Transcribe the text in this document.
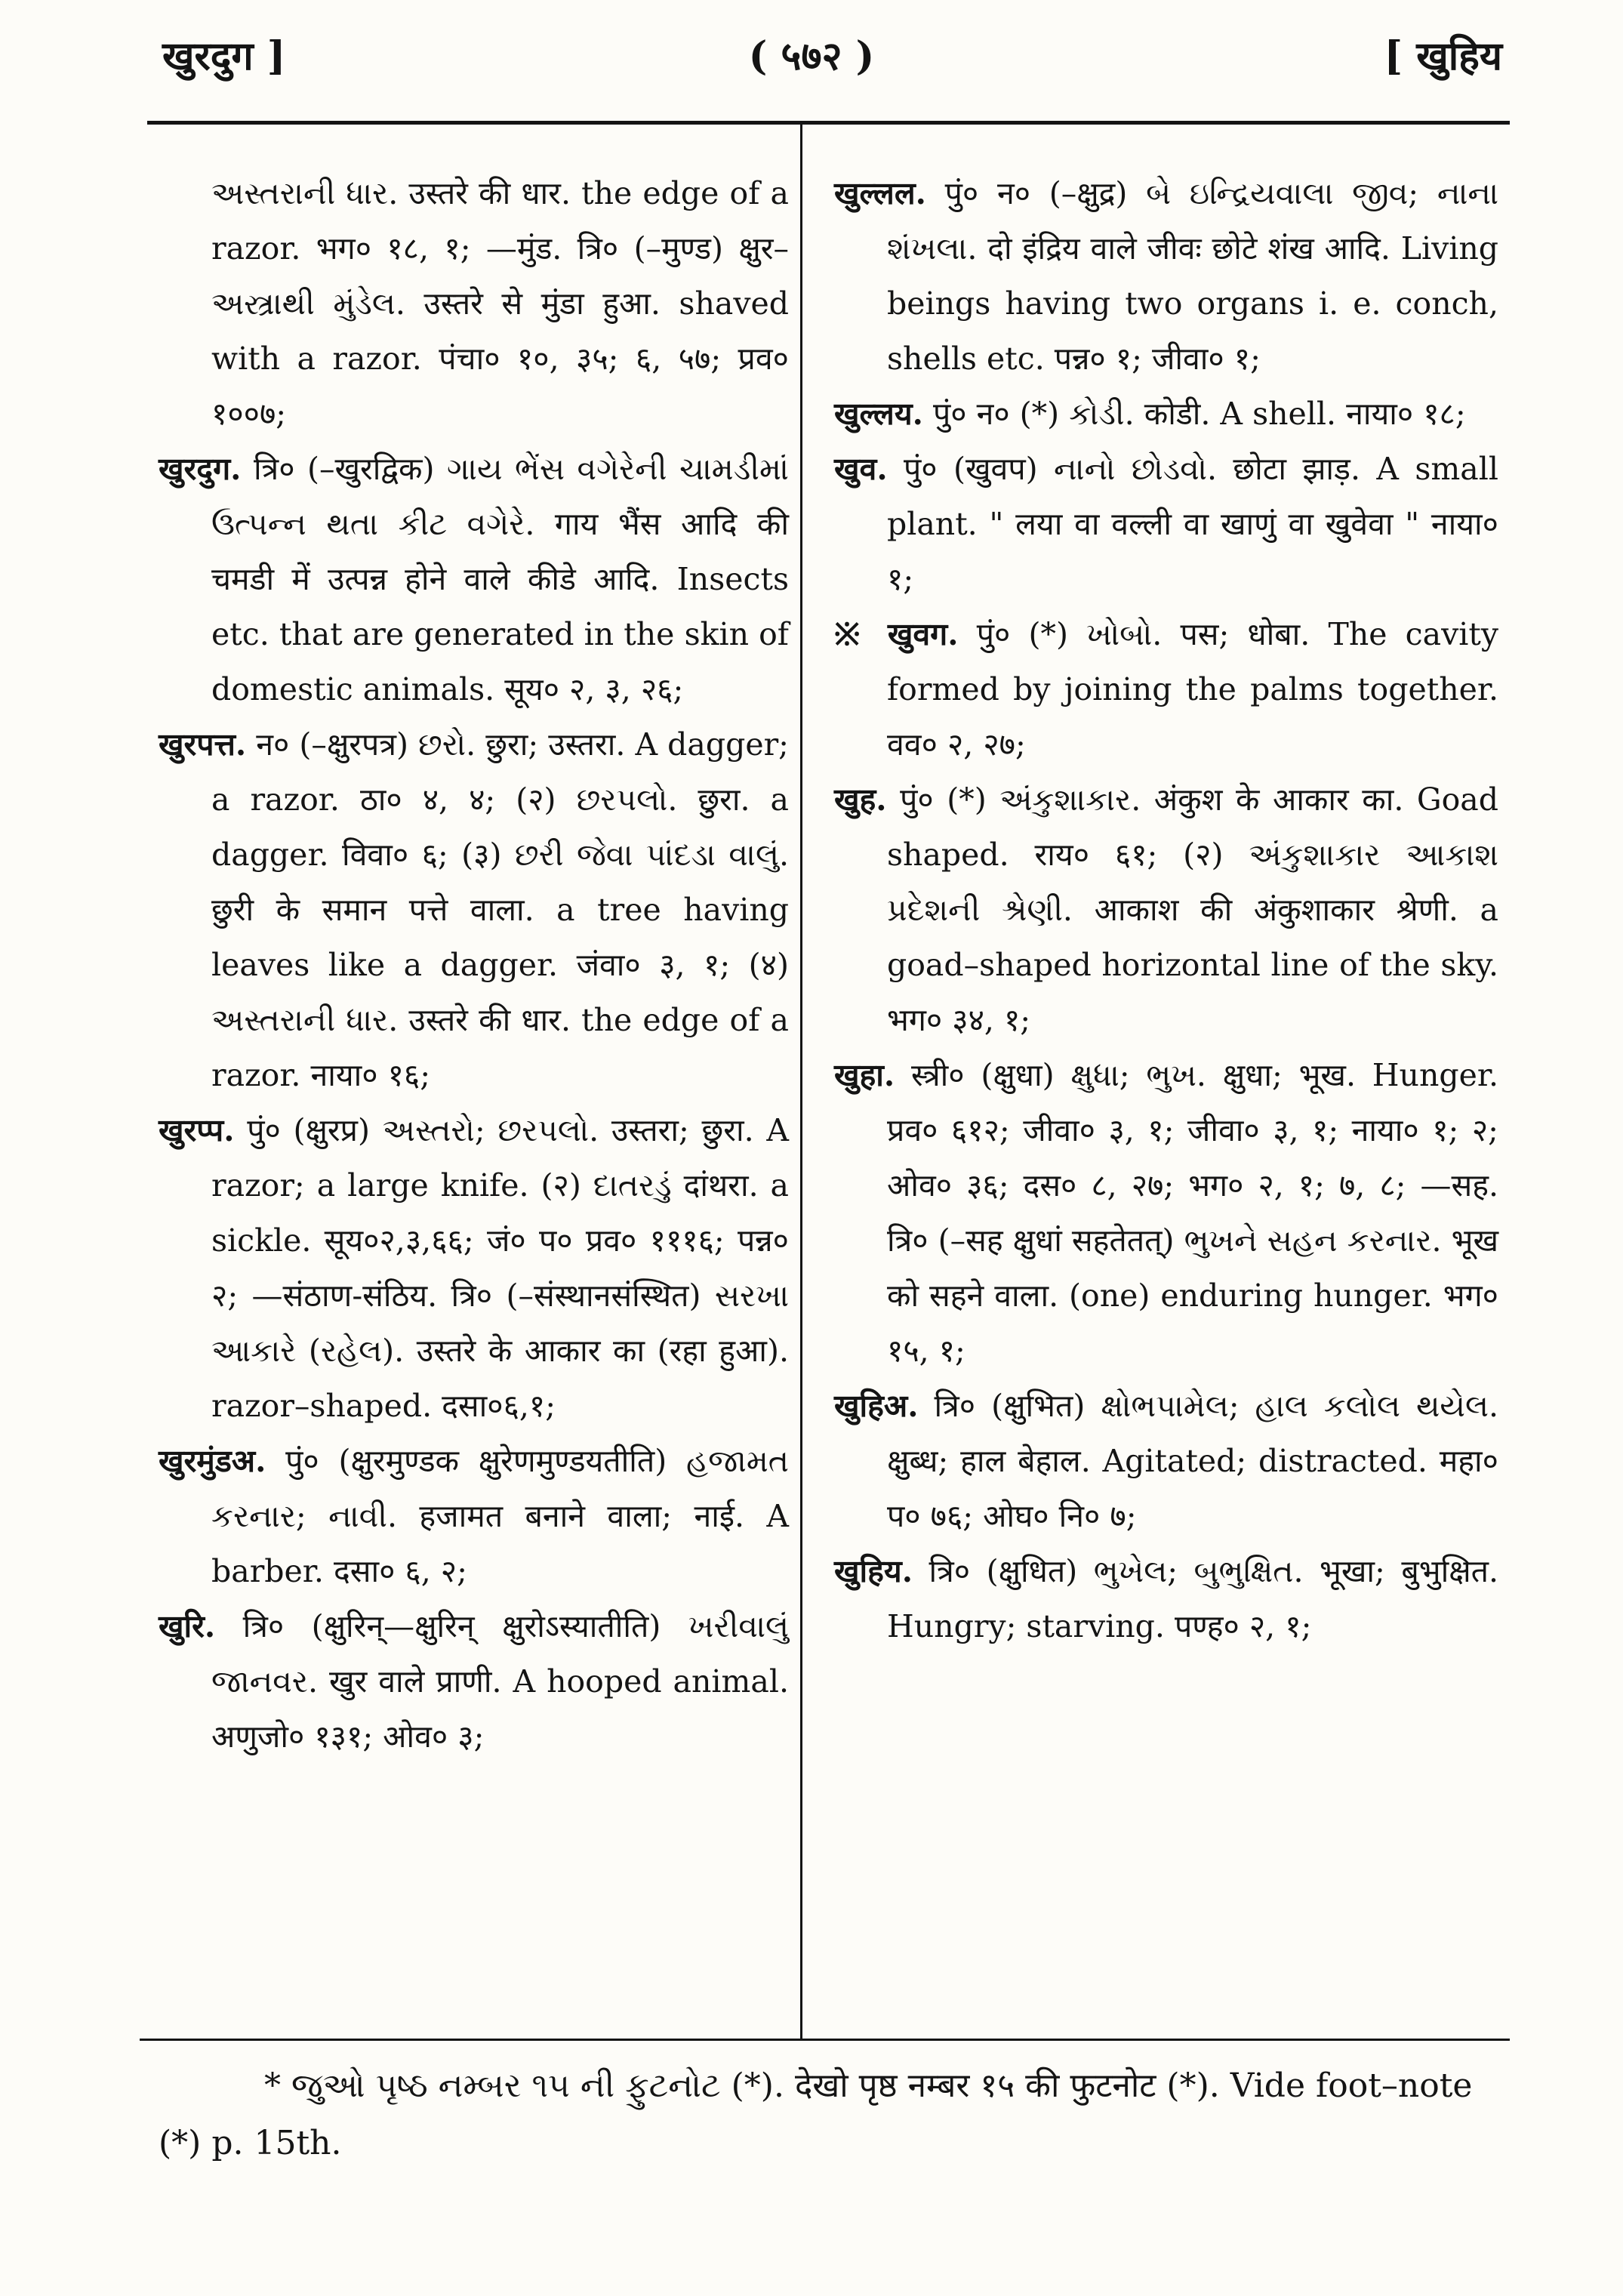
खुरदुग ]	( ५७२ )	[ खुहिय

અસ્તરાની ધાર. उस्तरे की धार. the edge of a razor. भग० १८, १; —मुंड. त्रि० (–मुण्ड) क्षुर–અસ્ત્રાથી મુંડેલ. उस्तरे से मुंडा हुआ. shaved with a razor. पंचा० १०, ३५; ६, ५७; प्रव० १००७;

खुरदुग. त्रि० (–खुरद्विक) ગાય ભેંસ વગેરેની ચામડીમાં ઉત્પન્ન થતા કીટ વગેરે. गाय भैंस आदि की चमडी में उत्पन्न होने वाले कीडे आदि. Insects etc. that are generated in the skin of domestic animals. सूय० २, ३, २६;

खुरपत्त. न० (–क्षुरपत्र) છરો. छुरा; उस्तरा. A dagger; a razor. ठा० ४, ४; (२) છરપલો. छुरा. a dagger. विवा० ६; (३) છરી જેવા પાંદડા વાલું. छुरी के समान पत्ते वाला. a tree having leaves like a dagger. जंवा० ३, १; (४) અસ્તરાની ધાર. उस्तरे की धार. the edge of a razor. नाया० १६;

खुरप्प. पुं० (क्षुरप्र) અસ્તરો; છરપલો. उस्तरा; छुरा. A razor; a large knife. (२) દાતરડું दांथरा. a sickle. सूय०२,३,६६; जं० प० प्रव० १११६; पन्न० २; —संठाण-संठिय. त्रि० (–संस्थानसंस्थित) સરખા આકારે (રહેલ). उस्तरे के आकार का (रहा हुआ). razor–shaped. दसा०६,१;

खुरमुंडअ. पुं० (क्षुरमुण्डक क्षुरेणमुण्डयतीति) હજામત કરનાર; નાવી. हजामत बनाने वाला; नाई. A barber. दसा० ६, २;

खुरि. त्रि० (क्षुरिन्—क्षुरिन् क्षुरोऽस्यातीति) ખરીવાલું જાનવર. खुर वाले प्राणी. A hooped animal. अणुजो० १३१; ओव० ३;

खुल्लल. पुं० न० (–क्षुद्र) બે ઇન્દ્રિયવાલા જીવ; નાના શંખલા. दो इंद्रिय वाले जीवः छोटे शंख आदि. Living beings having two organs i. e. conch, shells etc. पन्न० १; जीवा० १;

खुल्लय. पुं० न० (*) કોડી. कोडी. A shell. नाया० १८;

खुव. पुं० (खुवप) નાનો છોડવો. छोटा झाड़. A small plant. " लया वा वल्ली वा खाणुं वा खुवेवा " नाया० १;

※ खुवग. पुं० (*) ખોબો. पस; धोबा. The cavity formed by joining the palms together. वव० २, २७;

खुह. पुं० (*) અંકુશાકાર. अंकुश के आकार का. Goad shaped. राय० ६१; (२) અંકુશાકાર આકાશ પ્રદેશની શ્રેણી. आकाश की अंकुशाकार श्रेणी. a goad–shaped horizontal line of the sky. भग० ३४, १;

खुहा. स्त्री० (क्षुधा) ક્ષુધા; ભુખ. क्षुधा; भूख. Hunger. प्रव० ६१२; जीवा० ३, १; जीवा० ३, १; नाया० १; २; ओव० ३६; दस० ८, २७; भग० २, १; ७, ८; —सह. त्रि० (–सह क्षुधां सहतेतत्) ભુખને સહન કરનાર. भूख को सहने वाला. (one) enduring hunger. भग० १५, १;

खुहिअ. त्रि० (क्षुभित) ક્ષોભપામેલ; હાલ કલોલ થયેલ. क्षुब्ध; हाल बेहाल. Agitated; distracted. महा० प० ७६; ओघ० नि० ७;

खुहिय. त्रि० (क्षुधित) ભુખેલ; બુભુક્ષિત. भूखा; बुभुक्षित. Hungry; starving. पण्ह० २, १;

* જુઓ પૃષ્ઠ નમ્બર ૧૫ ની ફુટનોટ (*). देखो पृष्ठ नम्बर १५ की फुटनोट (*). Vide foot–note (*) p. 15th.
